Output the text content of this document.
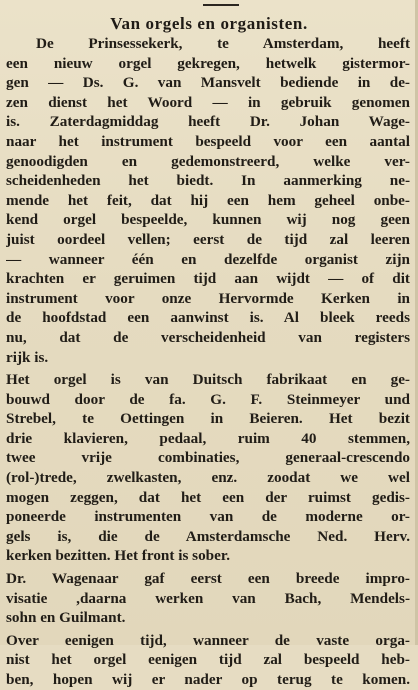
Van orgels en organisten.
De Prinsessekerk, te Amsterdam, heeft
een nieuw orgel gekregen, hetwelk gistermor-
gen — Ds. G. van Mansvelt bediende in de-
zen dienst het Woord — in gebruik genomen
is. Zaterdagmiddag heeft Dr. Johan Wage-
naar het instrument bespeeld voor een aantal
genoodigden en gedemonstreerd, welke ver-
scheidenheden het biedt. In aanmerking ne-
mende het feit, dat hij een hem geheel onbe-
kend orgel bespeelde, kunnen wij nog geen
juist oordeel vellen; eerst de tijd zal leeren
— wanneer één en dezelfde organist zijn
krachten er geruimen tijd aan wijdt — of dit
instrument voor onze Hervormde Kerken in
de hoofdstad een aanwinst is. Al bleek reeds
nu, dat de verscheidenheid van registers
rijk is.
Het orgel is van Duitsch fabrikaat en ge-
bouwd door de fa. G. F. Steinmeyer und
Strebel, te Oettingen in Beieren. Het bezit
drie klavieren, pedaal, ruim 40 stemmen,
twee vrije combinaties, generaal-crescendo
(rol-)trede, zwelkasten, enz. zoodat we wel
mogen zeggen, dat het een der ruimst gedis-
poneerde instrumenten van de moderne or-
gels is, die de Amsterdamsche Ned. Herv.
kerken bezitten. Het front is sober.
Dr. Wagenaar gaf eerst een breede impro-
visatie ,daarna werken van Bach, Mendels-
sohn en Guilmant.
Over eenigen tijd, wanneer de vaste orga-
nist het orgel eenigen tijd zal bespeeld heb-
ben, hopen wij er nader op terug te komen.
